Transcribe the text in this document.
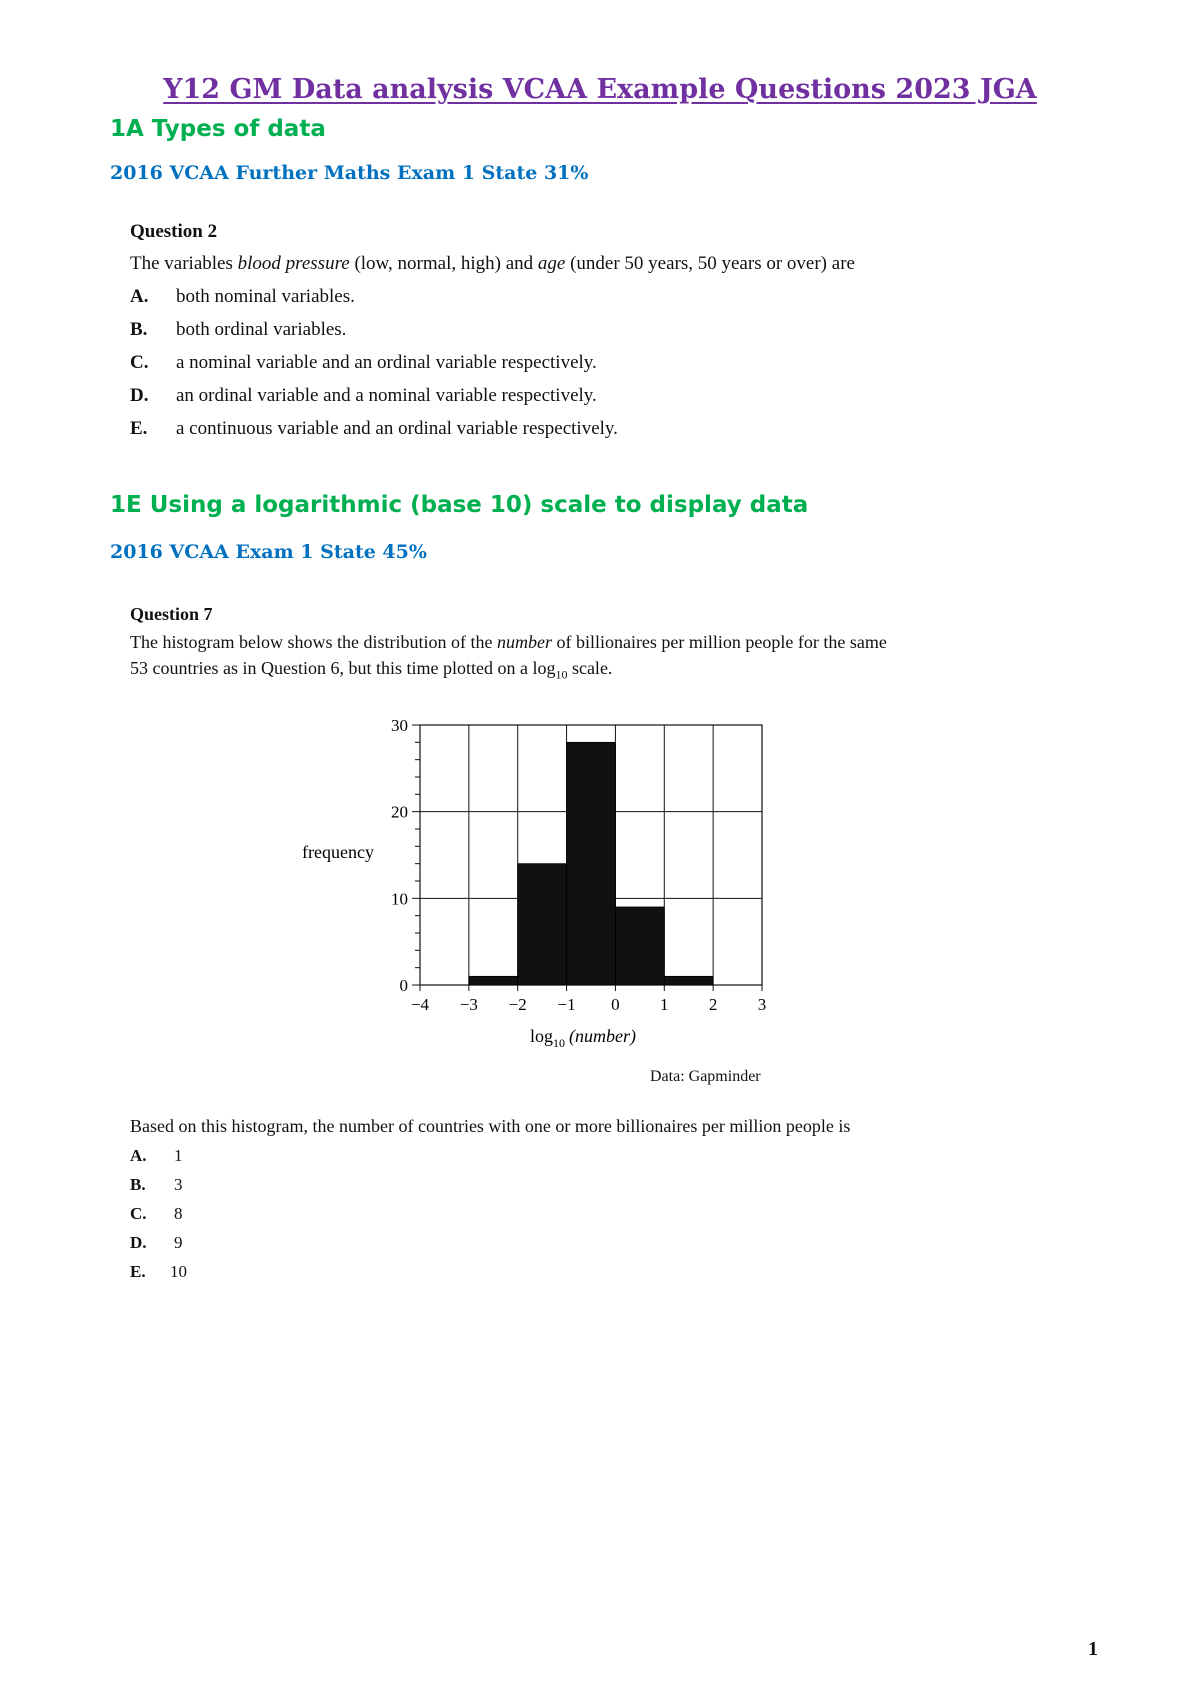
Y12 GM Data analysis VCAA Example Questions 2023 JGA
1A Types of data
2016 VCAA Further Maths Exam 1 State 31%
Question 2
The variables blood pressure (low, normal, high) and age (under 50 years, 50 years or over) are
A. both nominal variables.
B. both ordinal variables.
C. a nominal variable and an ordinal variable respectively.
D. an ordinal variable and a nominal variable respectively.
E. a continuous variable and an ordinal variable respectively.
1E Using a logarithmic (base 10) scale to display data
2016 VCAA Exam 1 State 45%
Question 7
The histogram below shows the distribution of the number of billionaires per million people for the same
53 countries as in Question 6, but this time plotted on a $\log_{10}$ scale.
0
10
20
30
−4 −3 −2 −1 0 1 2 3
frequency
$\log_{10}$ (number)
Data: Gapminder
Based on this histogram, the number of countries with one or more billionaires per million people is
A. 1
B. 3
C. 8
D. 9
E. 10
1
